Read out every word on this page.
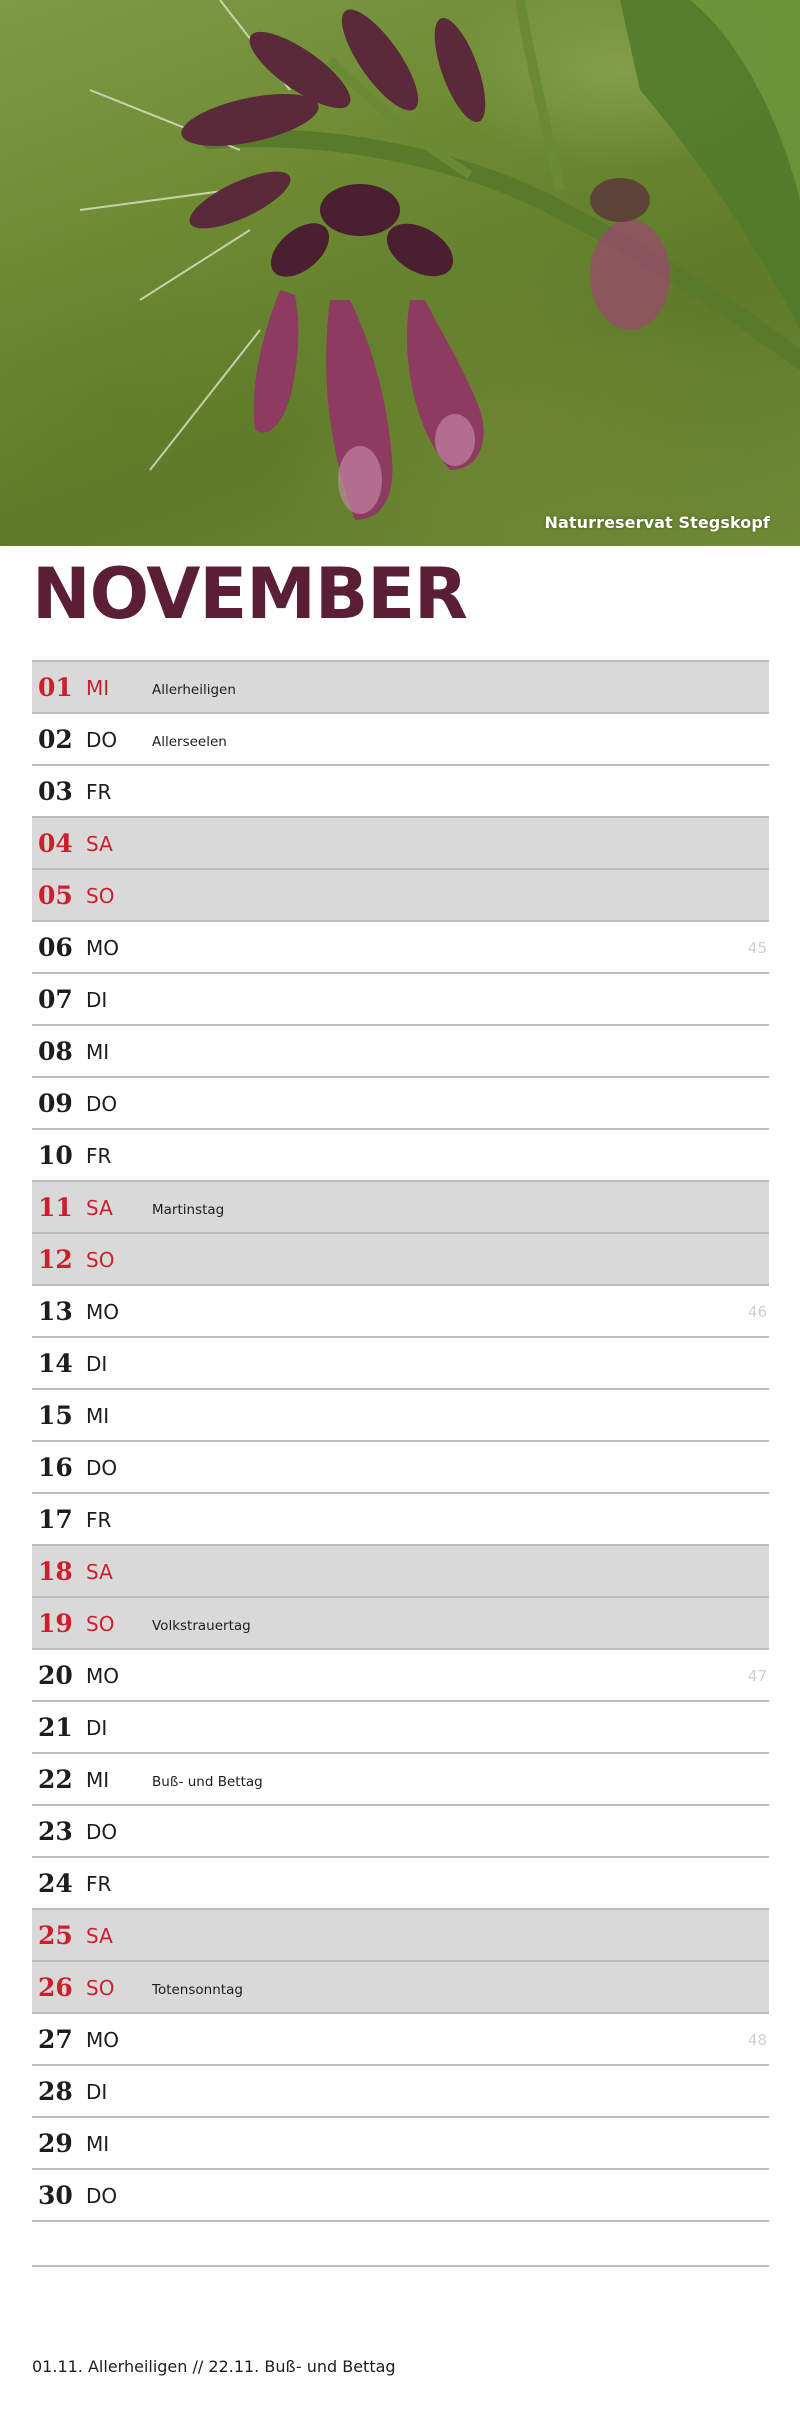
Naturreservat Stegskopf
NOVEMBER
01 MI	Allerheiligen
02 DO	Allerseelen
03 FR
04 SA
05 SO
06 MO	45
07 DI
08 MI
09 DO
10 FR
11 SA	Martinstag
12 SO
13 MO	46
14 DI
15 MI
16 DO
17 FR
18 SA
19 SO	Volkstrauertag
20 MO	47
21 DI
22 MI	Buß- und Bettag
23 DO
24 FR
25 SA
26 SO	Totensonntag
27 MO	48
28 DI
29 MI
30 DO
01.11. Allerheiligen // 22.11. Buß- und Bettag
